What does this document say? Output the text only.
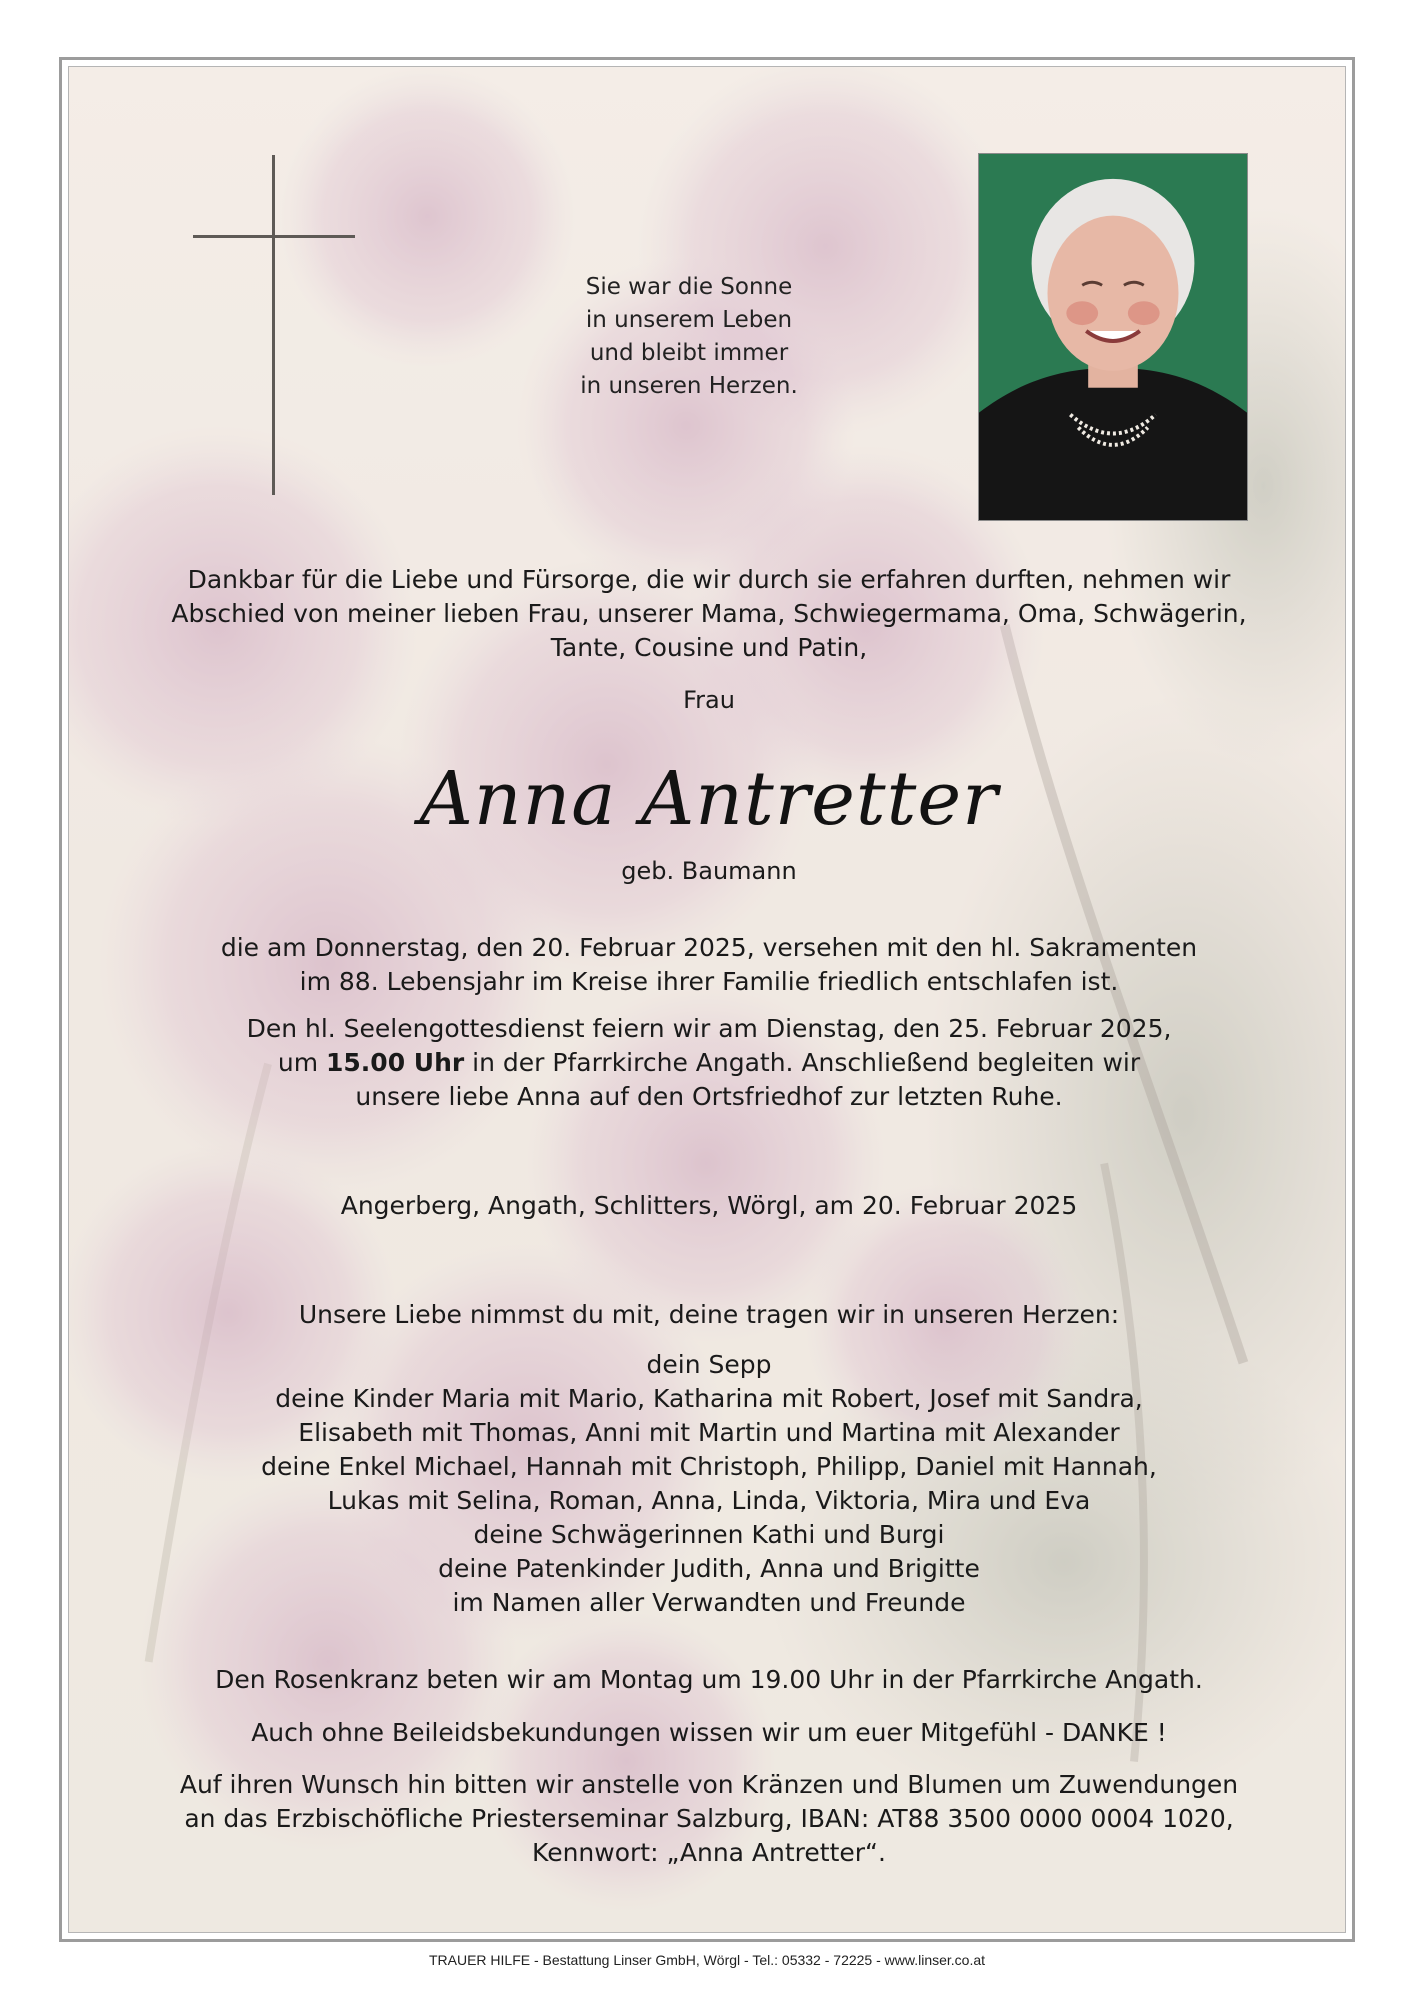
Sie war die Sonne
in unserem Leben
und bleibt immer
in unseren Herzen.
Dankbar für die Liebe und Fürsorge, die wir durch sie erfahren durften, nehmen wir
Abschied von meiner lieben Frau, unserer Mama, Schwiegermama, Oma, Schwägerin,
Tante, Cousine und Patin,
Frau
Anna Antretter
geb. Baumann
die am Donnerstag, den 20. Februar 2025, versehen mit den hl. Sakramenten
im 88. Lebensjahr im Kreise ihrer Familie friedlich entschlafen ist.
Den hl. Seelengottesdienst feiern wir am Dienstag, den 25. Februar 2025,
um 15.00 Uhr in der Pfarrkirche Angath. Anschließend begleiten wir
unsere liebe Anna auf den Ortsfriedhof zur letzten Ruhe.
Angerberg, Angath, Schlitters, Wörgl, am 20. Februar 2025
Unsere Liebe nimmst du mit, deine tragen wir in unseren Herzen:
dein Sepp
deine Kinder Maria mit Mario, Katharina mit Robert, Josef mit Sandra,
Elisabeth mit Thomas, Anni mit Martin und Martina mit Alexander
deine Enkel Michael, Hannah mit Christoph, Philipp, Daniel mit Hannah,
Lukas mit Selina, Roman, Anna, Linda, Viktoria, Mira und Eva
deine Schwägerinnen Kathi und Burgi
deine Patenkinder Judith, Anna und Brigitte
im Namen aller Verwandten und Freunde
Den Rosenkranz beten wir am Montag um 19.00 Uhr in der Pfarrkirche Angath.
Auch ohne Beileidsbekundungen wissen wir um euer Mitgefühl - DANKE !
Auf ihren Wunsch hin bitten wir anstelle von Kränzen und Blumen um Zuwendungen
an das Erzbischöfliche Priesterseminar Salzburg, IBAN: AT88 3500 0000 0004 1020,
Kennwort: „Anna Antretter“.
TRAUER HILFE - Bestattung Linser GmbH, Wörgl - Tel.: 05332 - 72225 - www.linser.co.at
